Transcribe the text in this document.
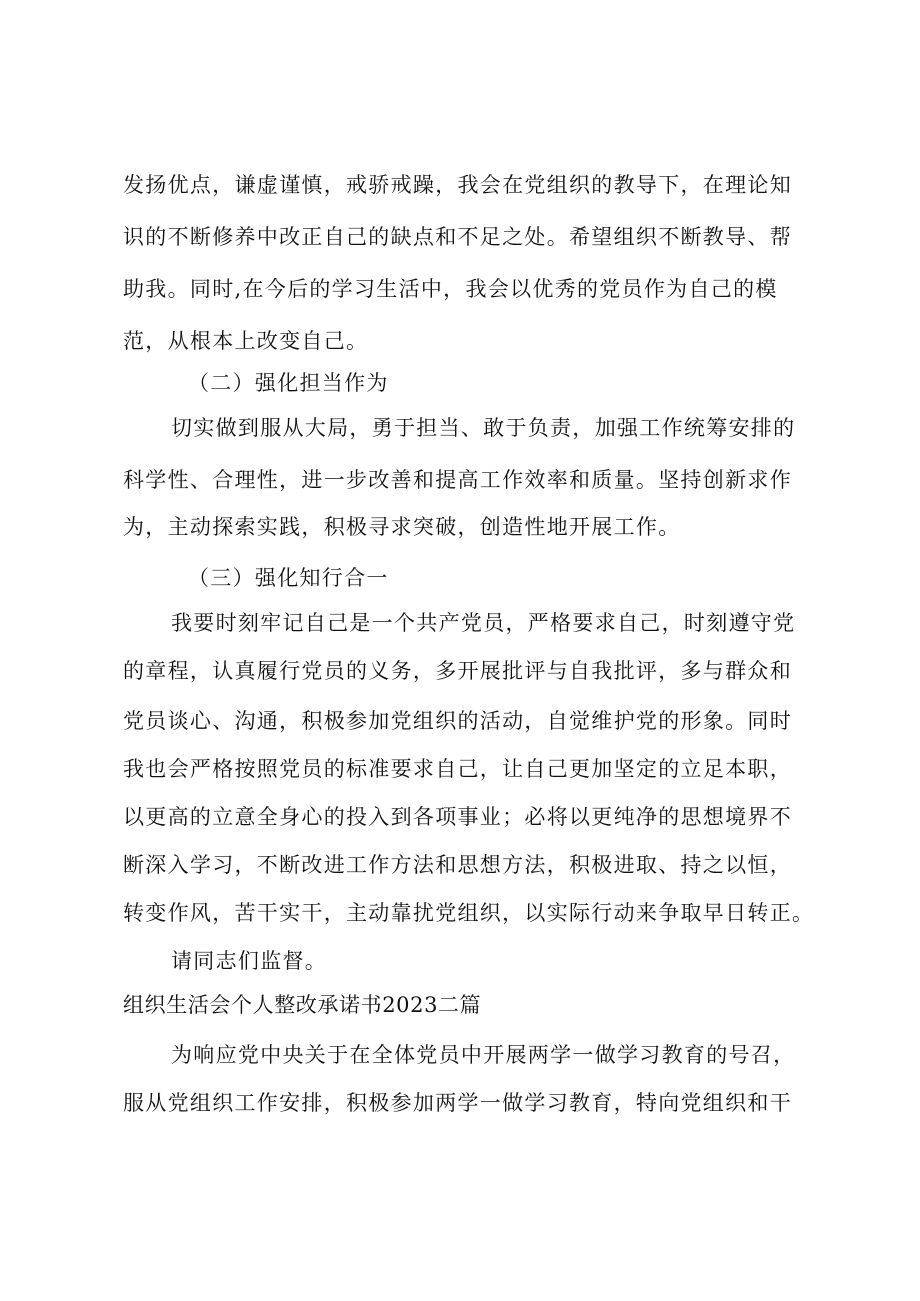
发扬优点，谦虚谨慎，戒骄戒躁，我会在党组织的教导下，在理论知
识的不断修养中改正自己的缺点和不足之处。希望组织不断教导、帮
助我。同时,在今后的学习生活中，我会以优秀的党员作为自己的模
范，从根本上改变自己。
（二）强化担当作为
切实做到服从大局，勇于担当、敢于负责，加强工作统筹安排的
科学性、合理性，进一步改善和提高工作效率和质量。坚持创新求作
为，主动探索实践，积极寻求突破，创造性地开展工作。
（三）强化知行合一
我要时刻牢记自己是一个共产党员，严格要求自己，时刻遵守党
的章程，认真履行党员的义务，多开展批评与自我批评，多与群众和
党员谈心、沟通，积极参加党组织的活动，自觉维护党的形象。同时
我也会严格按照党员的标准要求自己，让自己更加坚定的立足本职，
以更高的立意全身心的投入到各项事业；必将以更纯净的思想境界不
断深入学习，不断改进工作方法和思想方法，积极进取、持之以恒，
转变作风，苦干实干，主动靠扰党组织，以实际行动来争取早日转正。
请同志们监督。
组织生活会个人整改承诺书2023二篇
为响应党中央关于在全体党员中开展两学一做学习教育的号召，
服从党组织工作安排，积极参加两学一做学习教育，特向党组织和干
